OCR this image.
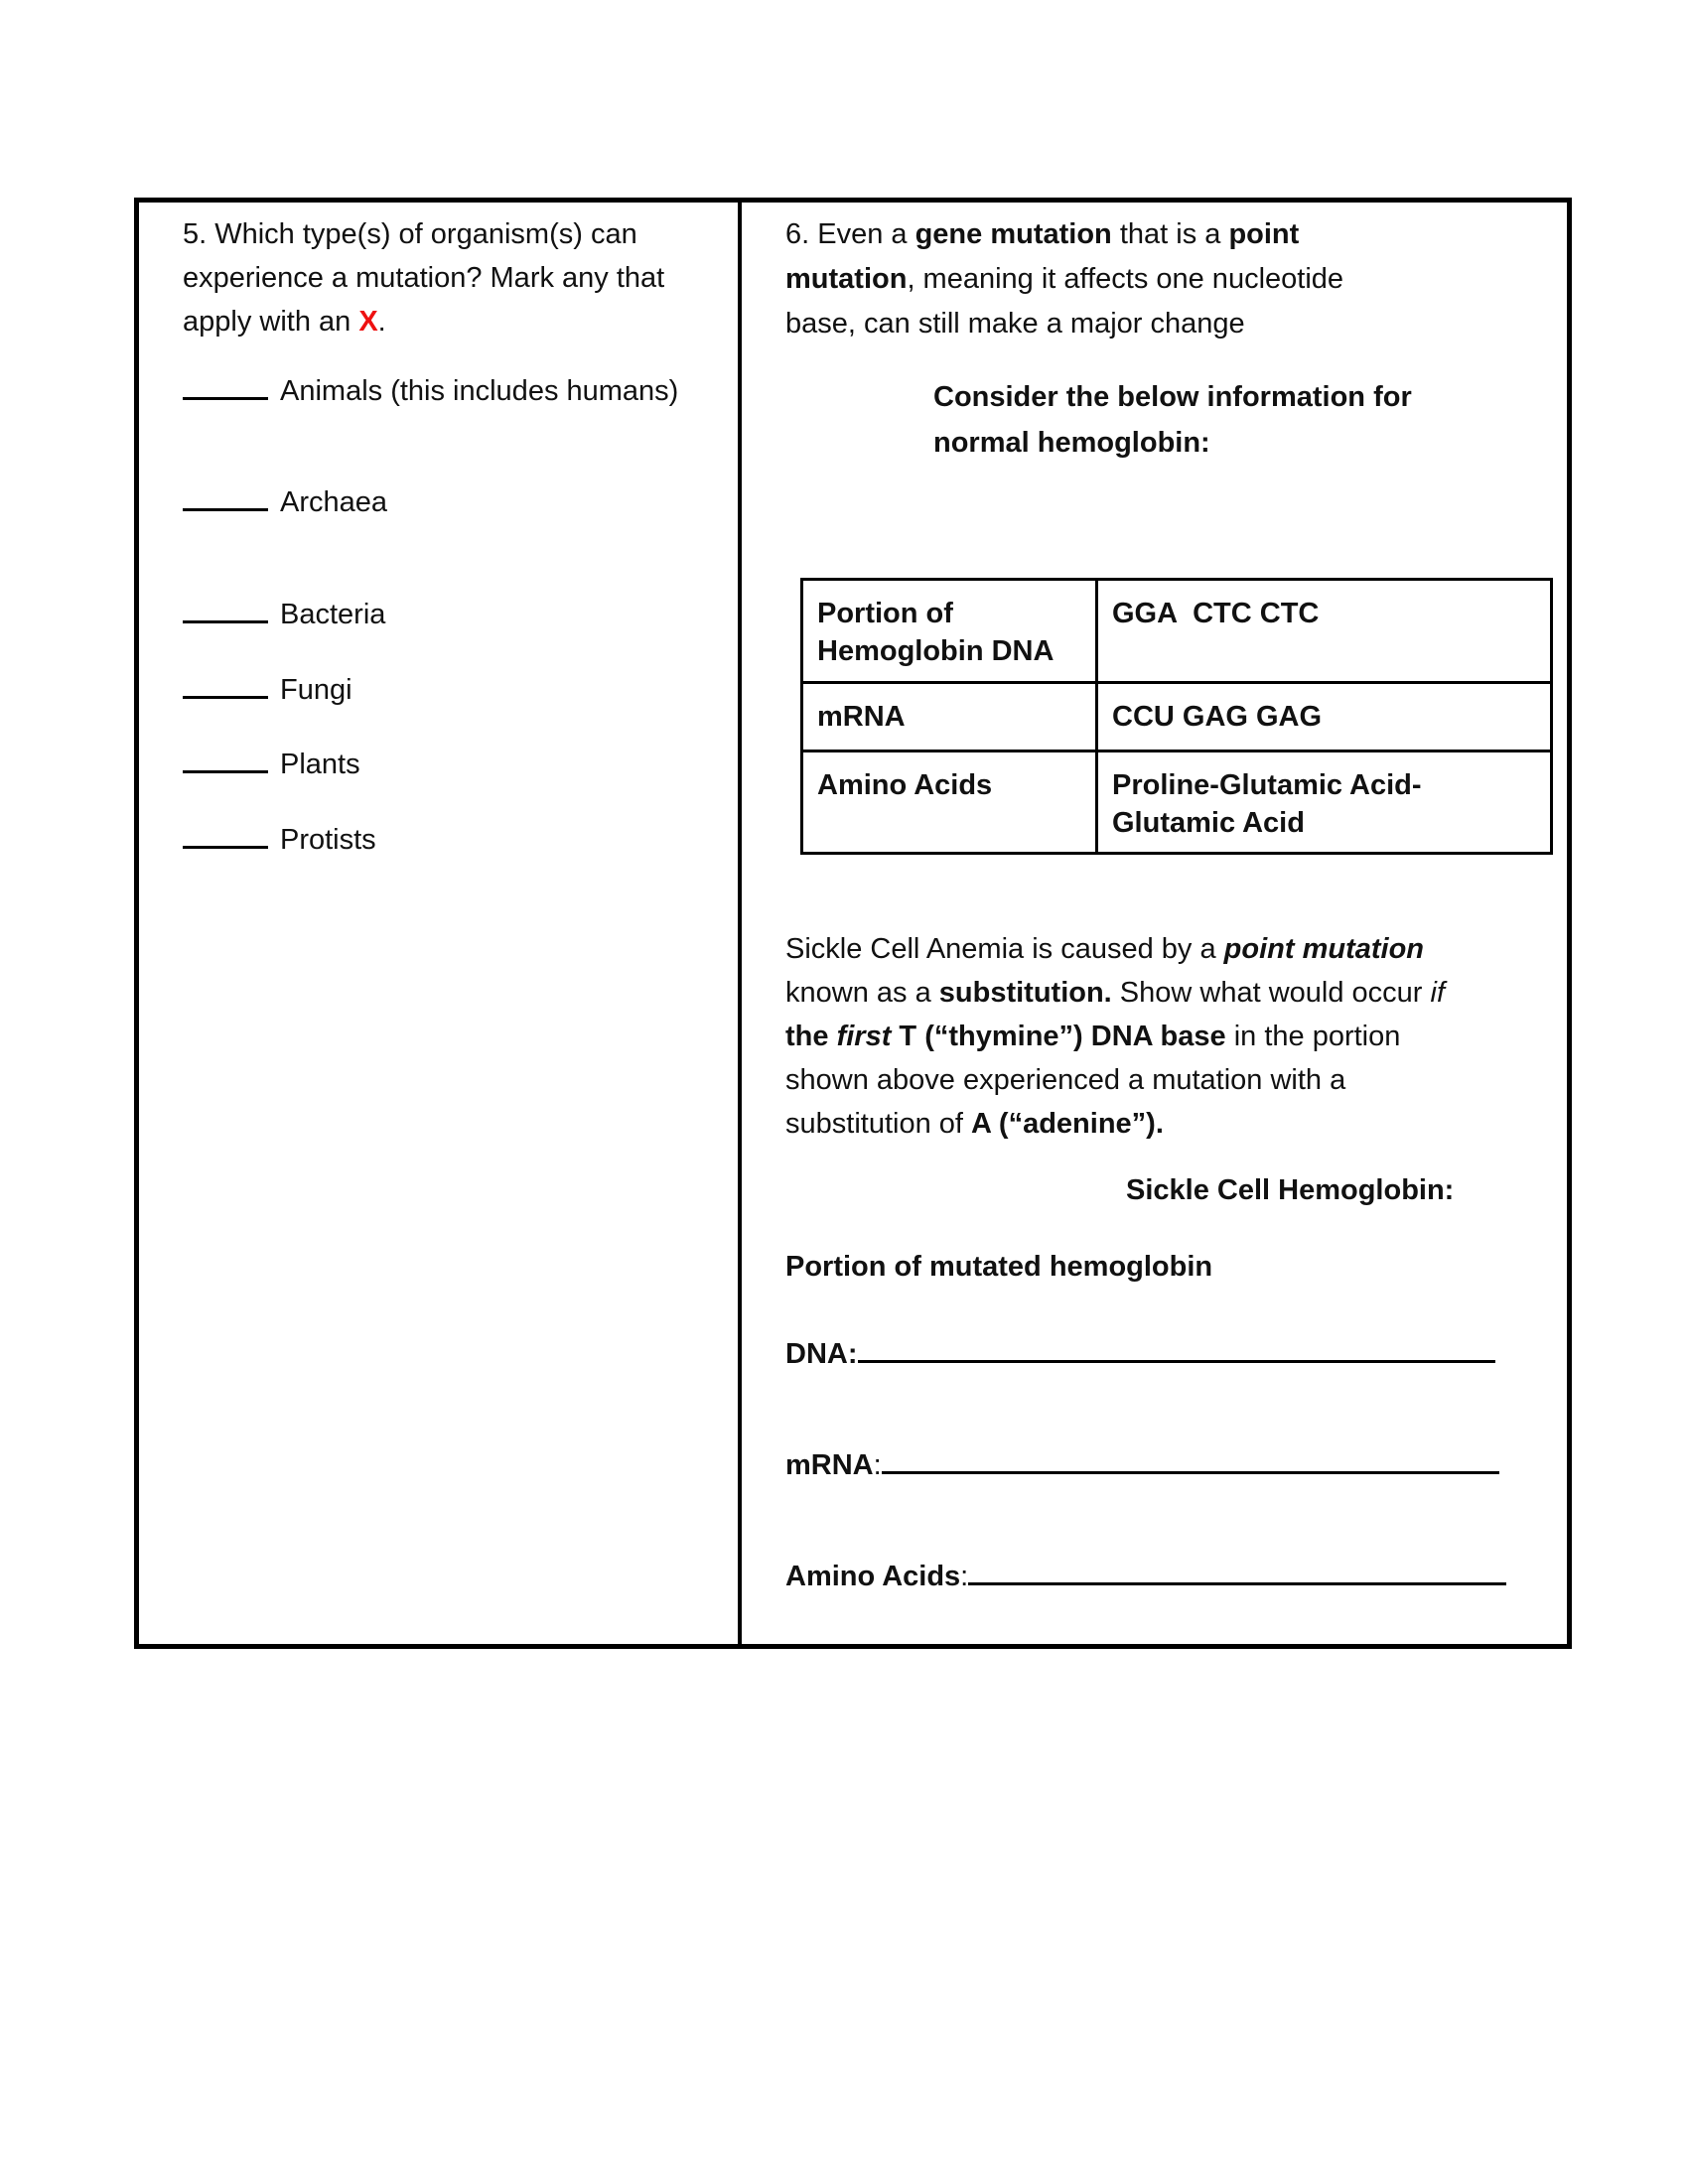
5. Which type(s) of organism(s) can
experience a mutation? Mark any that
apply with an X.
Animals (this includes humans)
Archaea
Bacteria
Fungi
Plants
Protists
6. Even a gene mutation that is a point
mutation, meaning it affects one nucleotide
base, can still make a major change
Consider the below information for
normal hemoglobin:
Portion of Hemoglobin DNA	GGA  CTC CTC
mRNA	CCU GAG GAG
Amino Acids	Proline-Glutamic Acid-Glutamic Acid
Sickle Cell Anemia is caused by a point mutation
known as a substitution. Show what would occur if
the first T (“thymine”) DNA base in the portion
shown above experienced a mutation with a
substitution of A (“adenine”).
Sickle Cell Hemoglobin:
Portion of mutated hemoglobin
DNA:
mRNA:
Amino Acids:
